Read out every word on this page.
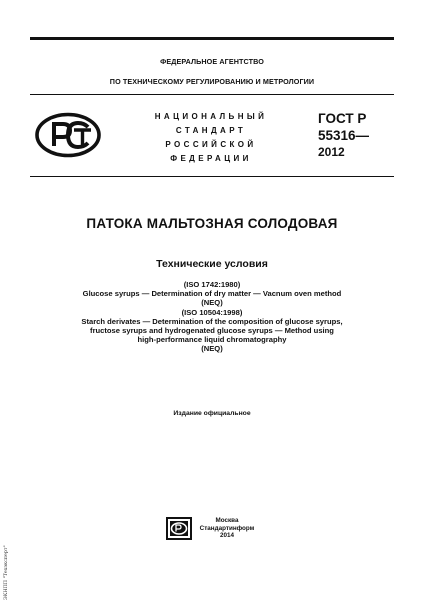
ФЕДЕРАЛЬНОЕ АГЕНТСТВО
ПО ТЕХНИЧЕСКОМУ РЕГУЛИРОВАНИЮ И МЕТРОЛОГИИ
НАЦИОНАЛЬНЫЙ
СТАНДАРТ
РОССИЙСКОЙ
ФЕДЕРАЦИИ
ГОСТ Р
55316—
2012
ПАТОКА МАЛЬТОЗНАЯ СОЛОДОВАЯ
Технические условия
(ISO 1742:1980)
Glucose syrups — Determination of dry matter — Vacnum oven method
(NEQ)
(ISO 10504:1998)
Starch derivates — Determination of the composition of glucose syrups,
fructose syrups and hydrogenated glucose syrups — Method using
high-performance liquid chromatography
(NEQ)
Издание официальное
Москва
Стандартинформ
2014
ЭКНПП "Техэксперт"
